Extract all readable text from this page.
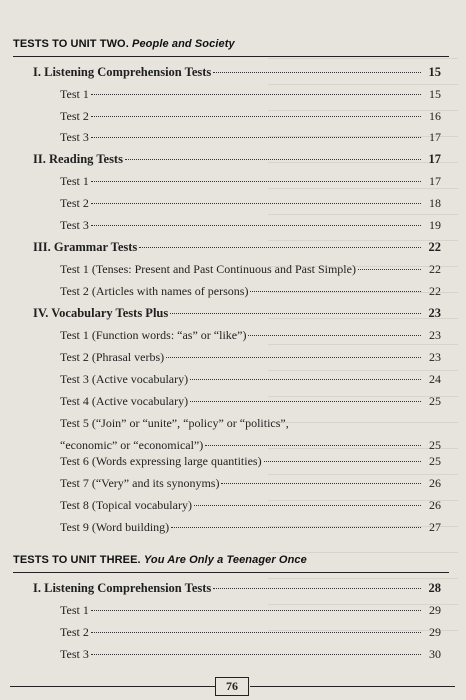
TESTS TO UNIT TWO. People and Society
I. Listening Comprehension Tests	15
Test 1	15
Test 2	16
Test 3	17
II. Reading Tests	17
Test 1	17
Test 2	18
Test 3	19
III. Grammar Tests	22
Test 1 (Tenses: Present and Past Continuous and Past Simple)	22
Test 2 (Articles with names of persons)	22
IV. Vocabulary Tests Plus	23
Test 1 (Function words: “as” or “like”)	23
Test 2 (Phrasal verbs)	23
Test 3 (Active vocabulary)	24
Test 4 (Active vocabulary)	25
Test 5 (“Join” or “unite”, “policy” or “politics”,
“economic” or “economical”)	25
Test 6 (Words expressing large quantities)	25
Test 7 (“Very” and its synonyms)	26
Test 8 (Topical vocabulary)	26
Test 9 (Word building)	27
TESTS TO UNIT THREE. You Are Only a Teenager Once
I. Listening Comprehension Tests	28
Test 1	29
Test 2	29
Test 3	30
76
